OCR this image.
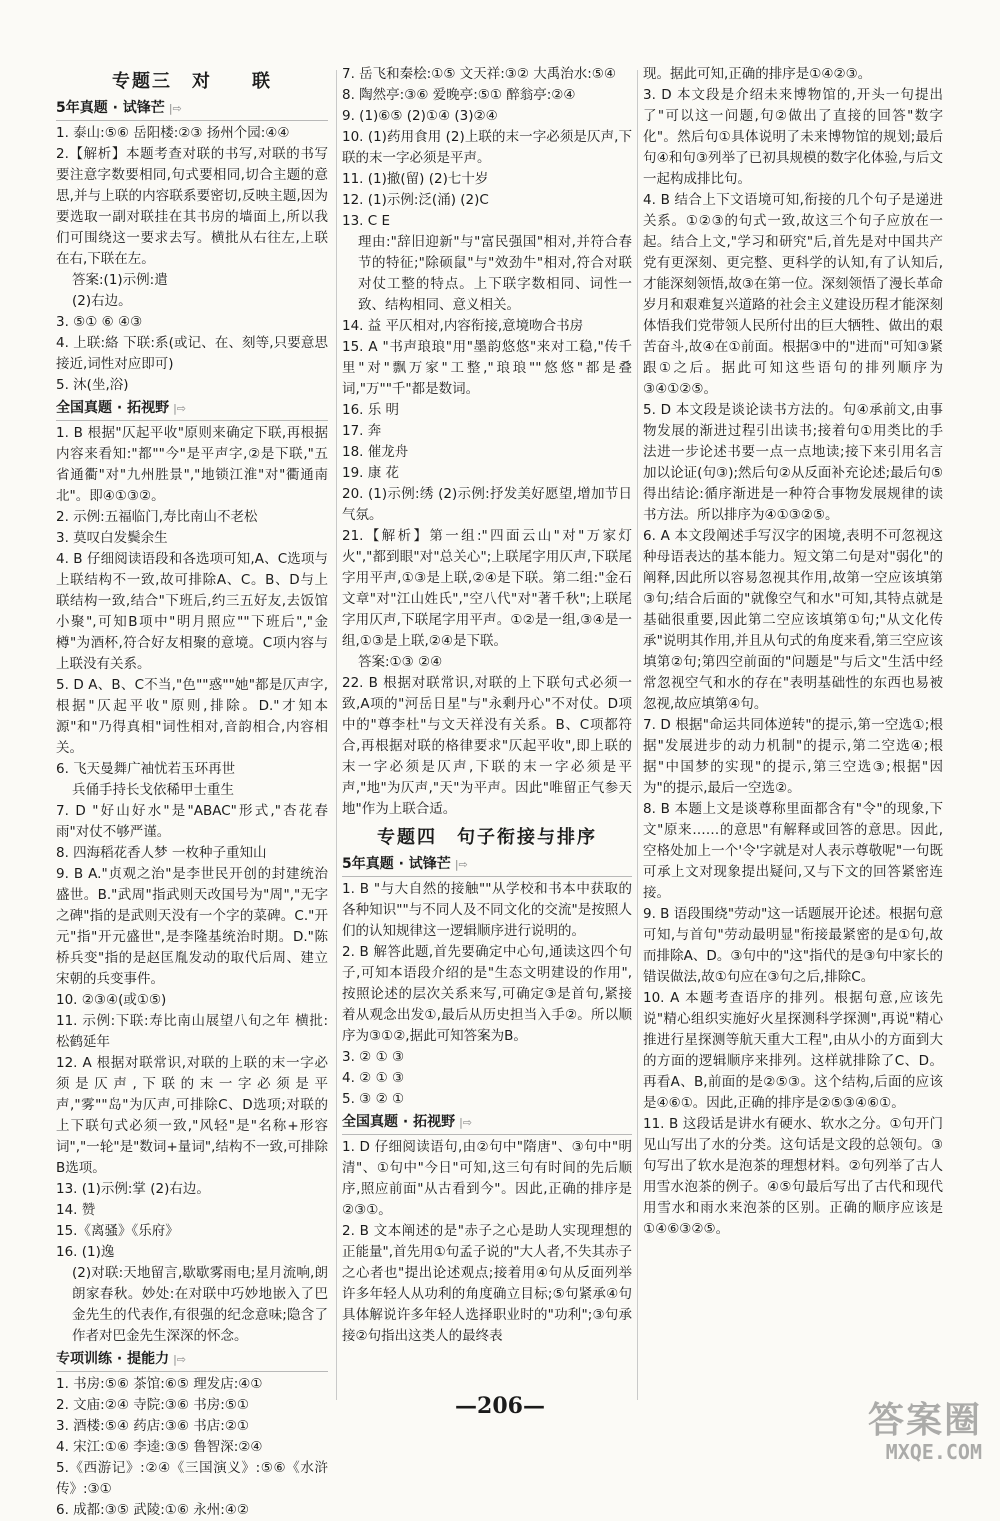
专题三　对　　联
5年真题 · 试锋芒 |⇨

1. 泰山:⑤⑥ 岳阳楼:②③ 扬州个园:④④

2.【解析】本题考查对联的书写,对联的书写要注意字数要相同,句式要相同,切合主题的意思,并与上联的内容联系要密切,反映主题,因为要选取一副对联挂在其书房的墙面上,所以我们可围绕这一要求去写。横批从右往左,上联在右,下联在左。

答案:(1)示例:遣

(2)右边。

3. ⑤① ⑥ ④③

4. 上联:絡 下联:系(或记、在、刻等,只要意思接近,词性对应即可)

5. 沐(坐,浴)

全国真题 · 拓视野 |⇨

1. B 根据"仄起平收"原则来确定下联,再根据内容来看知:"都""今"是平声字,②是下联,"五省通衢"对"九州胜景","地锁江淮"对"衢通南北"。即④①③②。

2. 示例:五福临门,寿比南山不老松

3. 莫叹白发鬓余生

4. B 仔细阅读语段和各选项可知,A、C选项与上联结构不一致,故可排除A、C。B、D与上联结构一致,结合"下班后,约三五好友,去饭馆小聚",可知B项中"明月照应""下班后","金樽"为酒杯,符合好友相聚的意境。C项内容与上联没有关系。

5. D A、B、C不当,"色""惑""她"都是仄声字,根据"仄起平收"原则,排除。D."才知本源"和"乃得真相"词性相对,音韵相合,内容相关。

6. 飞天曼舞广袖忧若玉环再世

兵俑手持长戈依稀甲士重生

7. D "好山好水"是"ABAC"形式,"杏花春雨"对仗不够严谨。

8. 四海稻花香人梦 一枚种子重知山

9. B A."贞观之治"是李世民开创的封建统治盛世。B."武周"指武则天改国号为"周","无字之碑"指的是武则天没有一个字的菜碑。C."开元"指"开元盛世",是李隆基统治时期。D."陈桥兵变"指的是赵匡胤发动的取代后周、建立宋朝的兵变事件。

10. ②③④(或①⑤)

11. 示例:下联:寿比南山展望八旬之年 横批:松鹤延年

12. A 根据对联常识,对联的上联的末一字必须是仄声,下联的末一字必须是平声,"雾""岛"为仄声,可排除C、D选项;对联的上下联句式必须一致,"风轻"是"名称+形容词","一轮"是"数词+量词",结构不一致,可排除B选项。

13. (1)示例:掌 (2)右边。

14. 赞

15.《离骚》《乐府》

16. (1)逸

(2)对联:天地留言,歇歇雾雨电;星月流响,朗朗家春秋。妙处:在对联中巧妙地嵌入了巴金先生的代表作,有很强的纪念意味;隐含了作者对巴金先生深深的怀念。

专项训练 · 提能力 |⇨

1. 书房:⑤⑥ 茶馆:⑥⑤ 理发店:④①

2. 文庙:②④ 寺院:③⑥ 书房:⑤①

3. 酒楼:⑤④ 药店:③⑥ 书店:②①

4. 宋江:①⑥ 李逵:③⑤ 鲁智深:②④

5.《西游记》:②④《三国演义》:⑤⑥《水浒传》:③①

6. 成都:③⑤ 武陵:①⑥ 永州:④②

7. 岳飞和秦桧:①⑤ 文天祥:③② 大禹治水:⑤④

8. 陶然亭:③⑥ 爱晚亭:⑤① 醉翁亭:②④

9. (1)⑥⑤ (2)①④ (3)②④

10. (1)药用食用 (2)上联的末一字必须是仄声,下联的末一字必须是平声。

11. (1)撤(留) (2)七十岁

12. (1)示例:泛(涌) (2)C

13. C E

理由:"辞旧迎新"与"富民强国"相对,并符合春节的特征;"除硕鼠"与"效劲牛"相对,符合对联对仗工整的特点。上下联字数相同、词性一致、结构相同、意义相关。

14. 益 平仄相对,内容衔接,意境吻合书房

15. A "书声琅琅"用"墨韵悠悠"来对工稳,"传千里"对"飘万家"工整,"琅琅""悠悠"都是叠词,"万""千"都是数词。

16. 乐 明

17. 奔

18. 催龙舟

19. 康 花

20. (1)示例:绣 (2)示例:抒发美好愿望,增加节日气氛。

21.【解析】第一组:"四面云山"对"万家灯火","都到眼"对"总关心";上联尾字用仄声,下联尾字用平声,①③是上联,②④是下联。第二组:"金石文章"对"江山姓氏","空八代"对"著千秋";上联尾字用仄声,下联尾字用平声。①②是一组,③④是一组,①③是上联,②④是下联。

答案:①③ ②④

22. B 根据对联常识,对联的上下联句式必须一致,A项的"河岳日星"与"永剩丹心"不对仗。D项中的"尊李杜"与文天祥没有关系。B、C项都符合,再根据对联的格律要求"仄起平收",即上联的末一字必须是仄声,下联的末一字必须是平声,"地"为仄声,"天"为平声。因此"唯留正气参天地"作为上联合适。

专题四　句子衔接与排序
5年真题 · 试锋芒 |⇨

1. B "与大自然的接触""从学校和书本中获取的各种知识""与不同人及不同文化的交流"是按照人们的认知规律这一逻辑顺序进行说明的。

2. B 解答此题,首先要确定中心句,通读这四个句子,可知本语段介绍的是"生态文明建设的作用",按照论述的层次关系来写,可确定③是首句,紧接着从观念出发①,最后从历史担当入手②。所以顺序为③①②,据此可知答案为B。

3. ② ① ③

4. ② ① ③

5. ③ ② ①

全国真题 · 拓视野 |⇨

1. D 仔细阅读语句,由②句中"隋唐"、③句中"明清"、①句中"今日"可知,这三句有时间的先后顺序,照应前面"从古看到今"。因此,正确的排序是②③①。

2. B 文本阐述的是"赤子之心是助人实现理想的正能量",首先用①句孟子说的"大人者,不失其赤子之心者也"提出论述观点;接着用④句从反面列举许多年轻人从功利的角度确立目标;⑤句紧承④句具体解说许多年轻人选择职业时的"功利";③句承接②句指出这类人的最终表

现。据此可知,正确的排序是①④②③。

3. D 本文段是介绍未来博物馆的,开头一句提出了"可以这一问题,句②做出了直接的回答"数字化"。然后句①具体说明了未来博物馆的规划;最后句④和句③列举了已初具规模的数字化体验,与后文一起构成排比句。

4. B 结合上下文语境可知,衔接的几个句子是递进关系。①②③的句式一致,故这三个句子应放在一起。结合上文,"学习和研究"后,首先是对中国共产党有更深刻、更完整、更科学的认知,有了认知后,才能深刻领悟,故③在第一位。深刻领悟了漫长革命岁月和艰难复兴道路的社会主义建设历程才能深刻体悟我们党带领人民所付出的巨大牺牲、做出的艰苦奋斗,故④在①前面。根据③中的"进而"可知③紧跟①之后。据此可知这些语句的排列顺序为③④①②⑤。

5. D 本文段是谈论读书方法的。句④承前文,由事物发展的渐进过程引出读书;接着句①用类比的手法进一步论述书要一点一点地读;接下来引用名言加以论证(句③);然后句②从反面补充论述;最后句⑤得出结论:循序渐进是一种符合事物发展规律的读书方法。所以排序为④①③②⑤。

6. A 本文段阐述手写汉字的困境,表明不可忽视这种母语表达的基本能力。短文第二句是对"弱化"的阐释,因此所以容易忽视其作用,故第一空应该填第③句;结合后面的"就像空气和水"可知,其特点就是基础很重要,因此第二空应该填第①句;"从文化传承"说明其作用,并且从句式的角度来看,第三空应该填第②句;第四空前面的"问题是"与后文"生活中经常忽视空气和水的存在"表明基础性的东西也易被忽视,故应填第④句。

7. D 根据"命运共同体逆转"的提示,第一空选①;根据"发展进步的动力机制"的提示,第二空选④;根据"中国梦的实现"的提示,第三空选③;根据"因为"的提示,最后一空选②。

8. B 本题上文是谈尊称里面都含有"令"的现象,下文"原来……的意思"有解释或回答的意思。因此,空格处加上一个'令'字就是对人表示尊敬呢"一句既可承上文对现象提出疑问,又与下文的回答紧密连接。

9. B 语段围绕"劳动"这一话题展开论述。根据句意可知,与首句"劳动最明显"衔接最紧密的是①句,故而排除A、D。③句中的"这"指代的是③句中家长的错误做法,故①句应在③句之后,排除C。

10. A 本题考查语序的排列。根据句意,应该先说"精心组织实施好火星探测科学探测",再说"精心推进行星探测等航天重大工程",由从小的方面到大的方面的逻辑顺序来排列。这样就排除了C、D。再看A、B,前面的是②⑤③。这个结构,后面的应该是④⑥①。因此,正确的排序是②⑤③④⑥①。

11. B 这段话是讲水有硬水、软水之分。①句开门见山写出了水的分类。这句话是文段的总领句。③句写出了软水是泡茶的理想材料。②句列举了古人用雪水泡茶的例子。④⑤句最后写出了古代和现代用雪水和雨水来泡茶的区别。正确的顺序应该是①④⑥③②⑤。

—206—	答案圈
MXQE.COM
